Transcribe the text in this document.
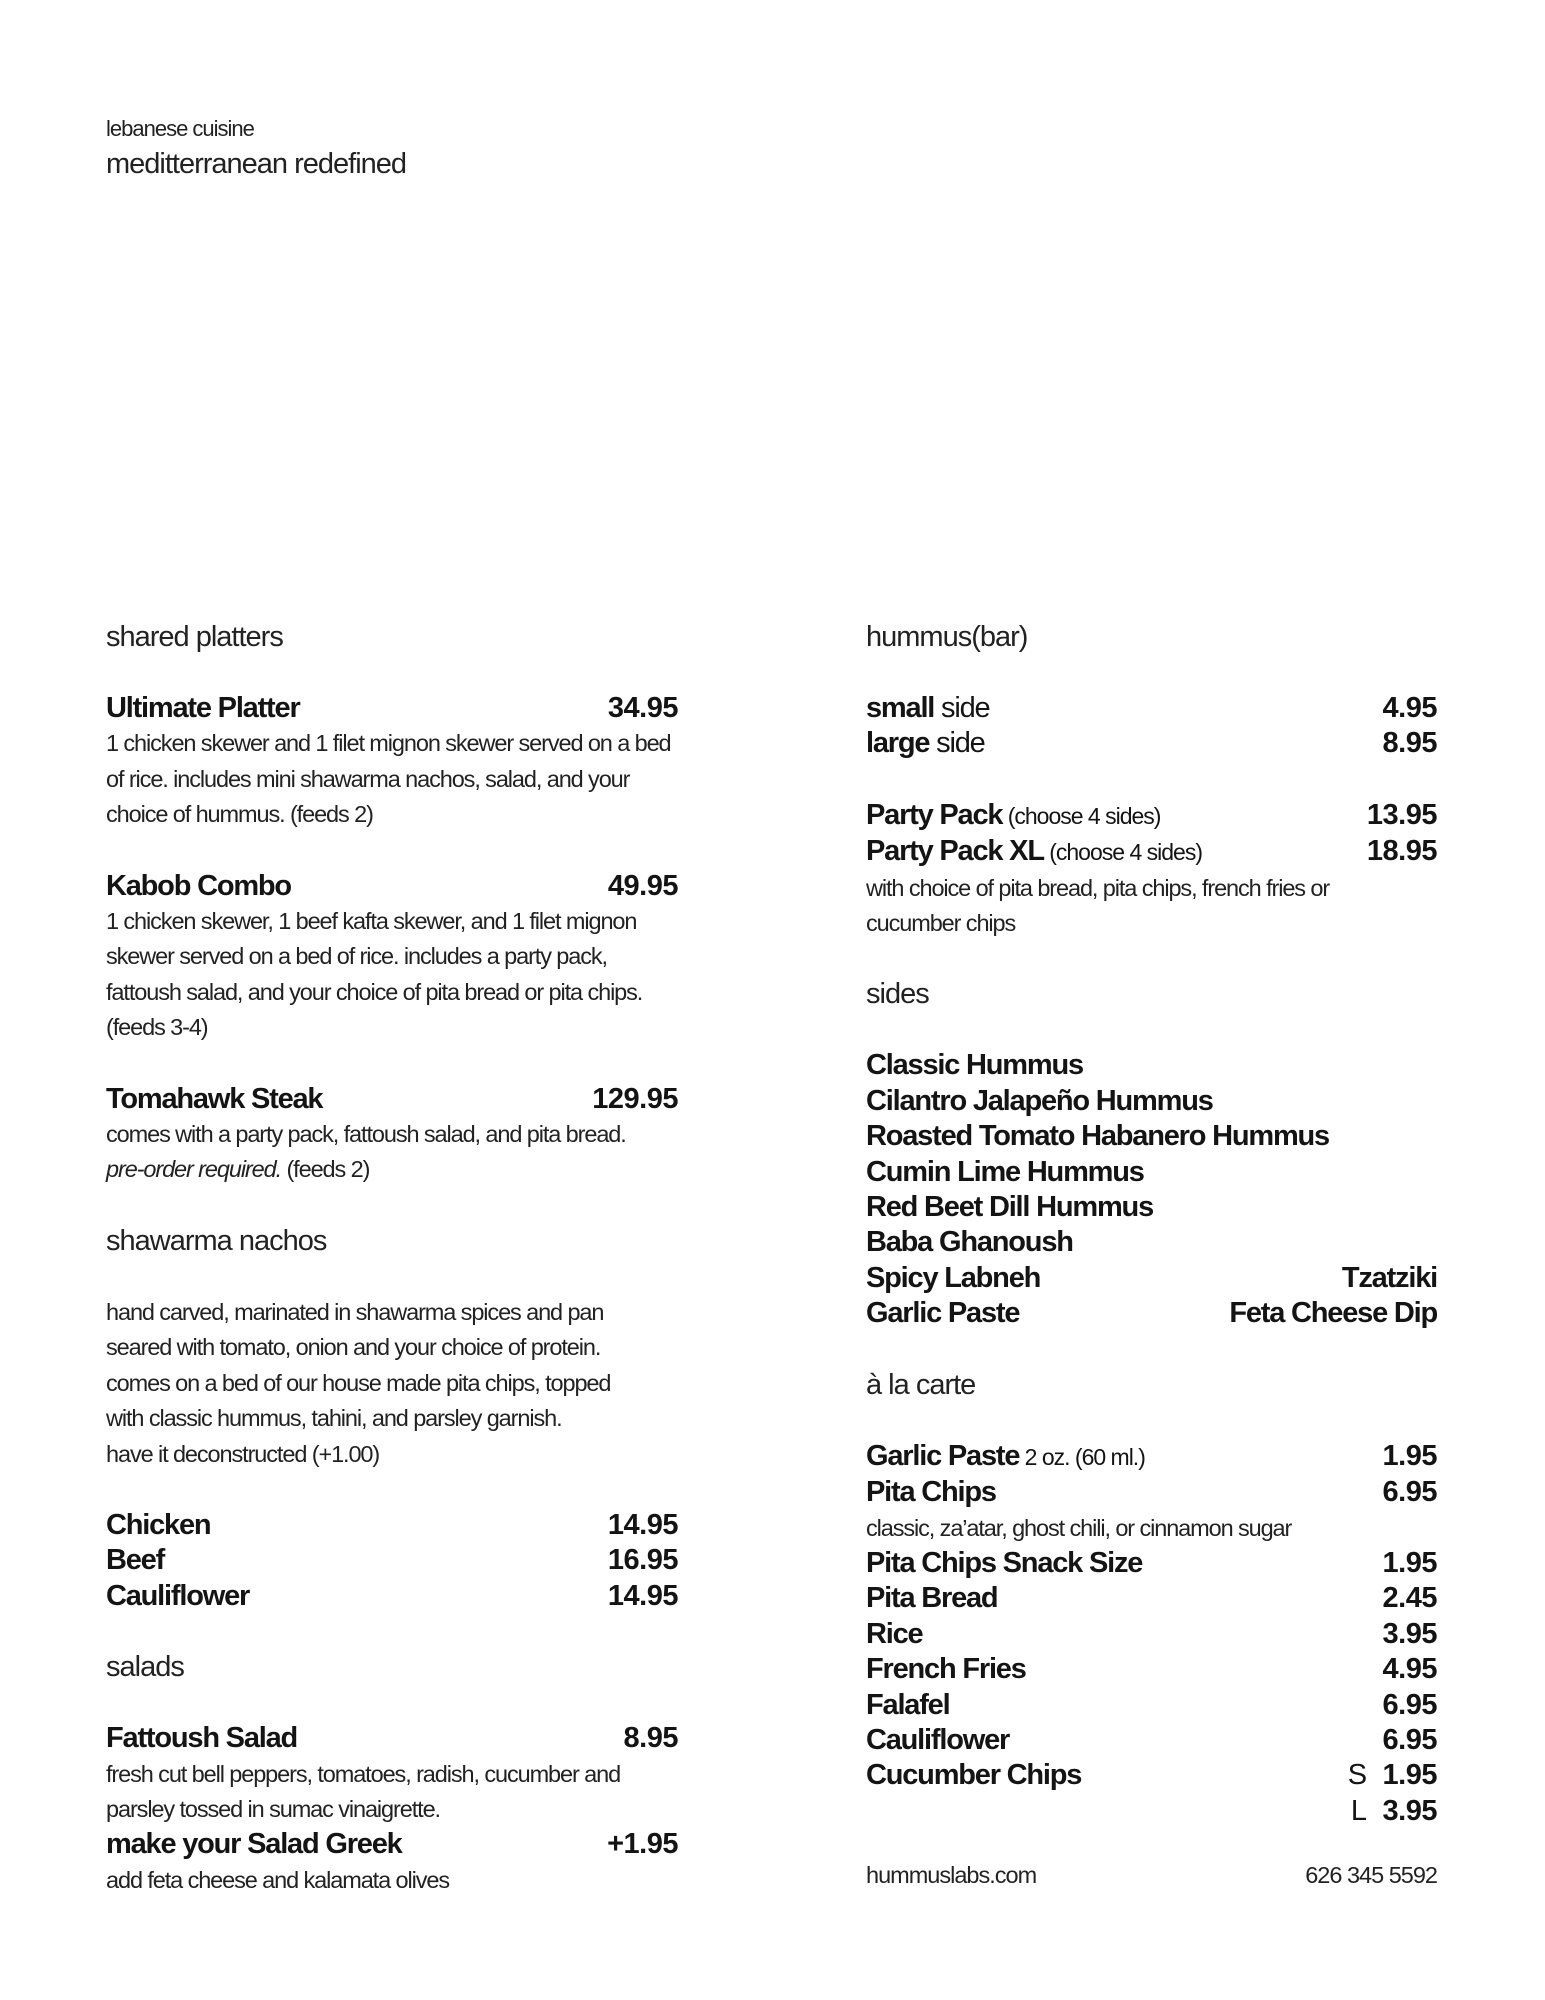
lebanese cuisine
meditterranean redefined
shared platters
Ultimate Platter	34.95
1 chicken skewer and 1 filet mignon skewer served on a bed of rice. includes mini shawarma nachos, salad, and your choice of hummus. (feeds 2)
Kabob Combo	49.95
1 chicken skewer, 1 beef kafta skewer, and 1 filet mignon skewer served on a bed of rice. includes a party pack, fattoush salad, and your choice of pita bread or pita chips. (feeds 3-4)
Tomahawk Steak	129.95
comes with a party pack, fattoush salad, and pita bread.
pre-order required. (feeds 2)
shawarma nachos
hand carved, marinated in shawarma spices and pan seared with tomato, onion and your choice of protein. comes on a bed of our house made pita chips, topped with classic hummus, tahini, and parsley garnish.
have it deconstructed (+1.00)
Chicken	14.95
Beef	16.95
Cauliflower	14.95
salads
Fattoush Salad	8.95
fresh cut bell peppers, tomatoes, radish, cucumber and parsley tossed in sumac vinaigrette.
make your Salad Greek	+1.95
add feta cheese and kalamata olives
hummus(bar)
small side	4.95
large side	8.95
Party Pack (choose 4 sides)	13.95
Party Pack XL (choose 4 sides)	18.95
with choice of pita bread, pita chips, french fries or cucumber chips
sides
Classic Hummus
Cilantro Jalapeño Hummus
Roasted Tomato Habanero Hummus
Cumin Lime Hummus
Red Beet Dill Hummus
Baba Ghanoush
Spicy Labneh	Tzatziki
Garlic Paste	Feta Cheese Dip
à la carte
Garlic Paste 2 oz. (60 ml.)	1.95
Pita Chips	6.95
classic, za’atar, ghost chili, or cinnamon sugar
Pita Chips Snack Size	1.95
Pita Bread	2.45
Rice	3.95
French Fries	4.95
Falafel	6.95
Cauliflower	6.95
Cucumber Chips	S 1.95
L 3.95
hummuslabs.com	626 345 5592
